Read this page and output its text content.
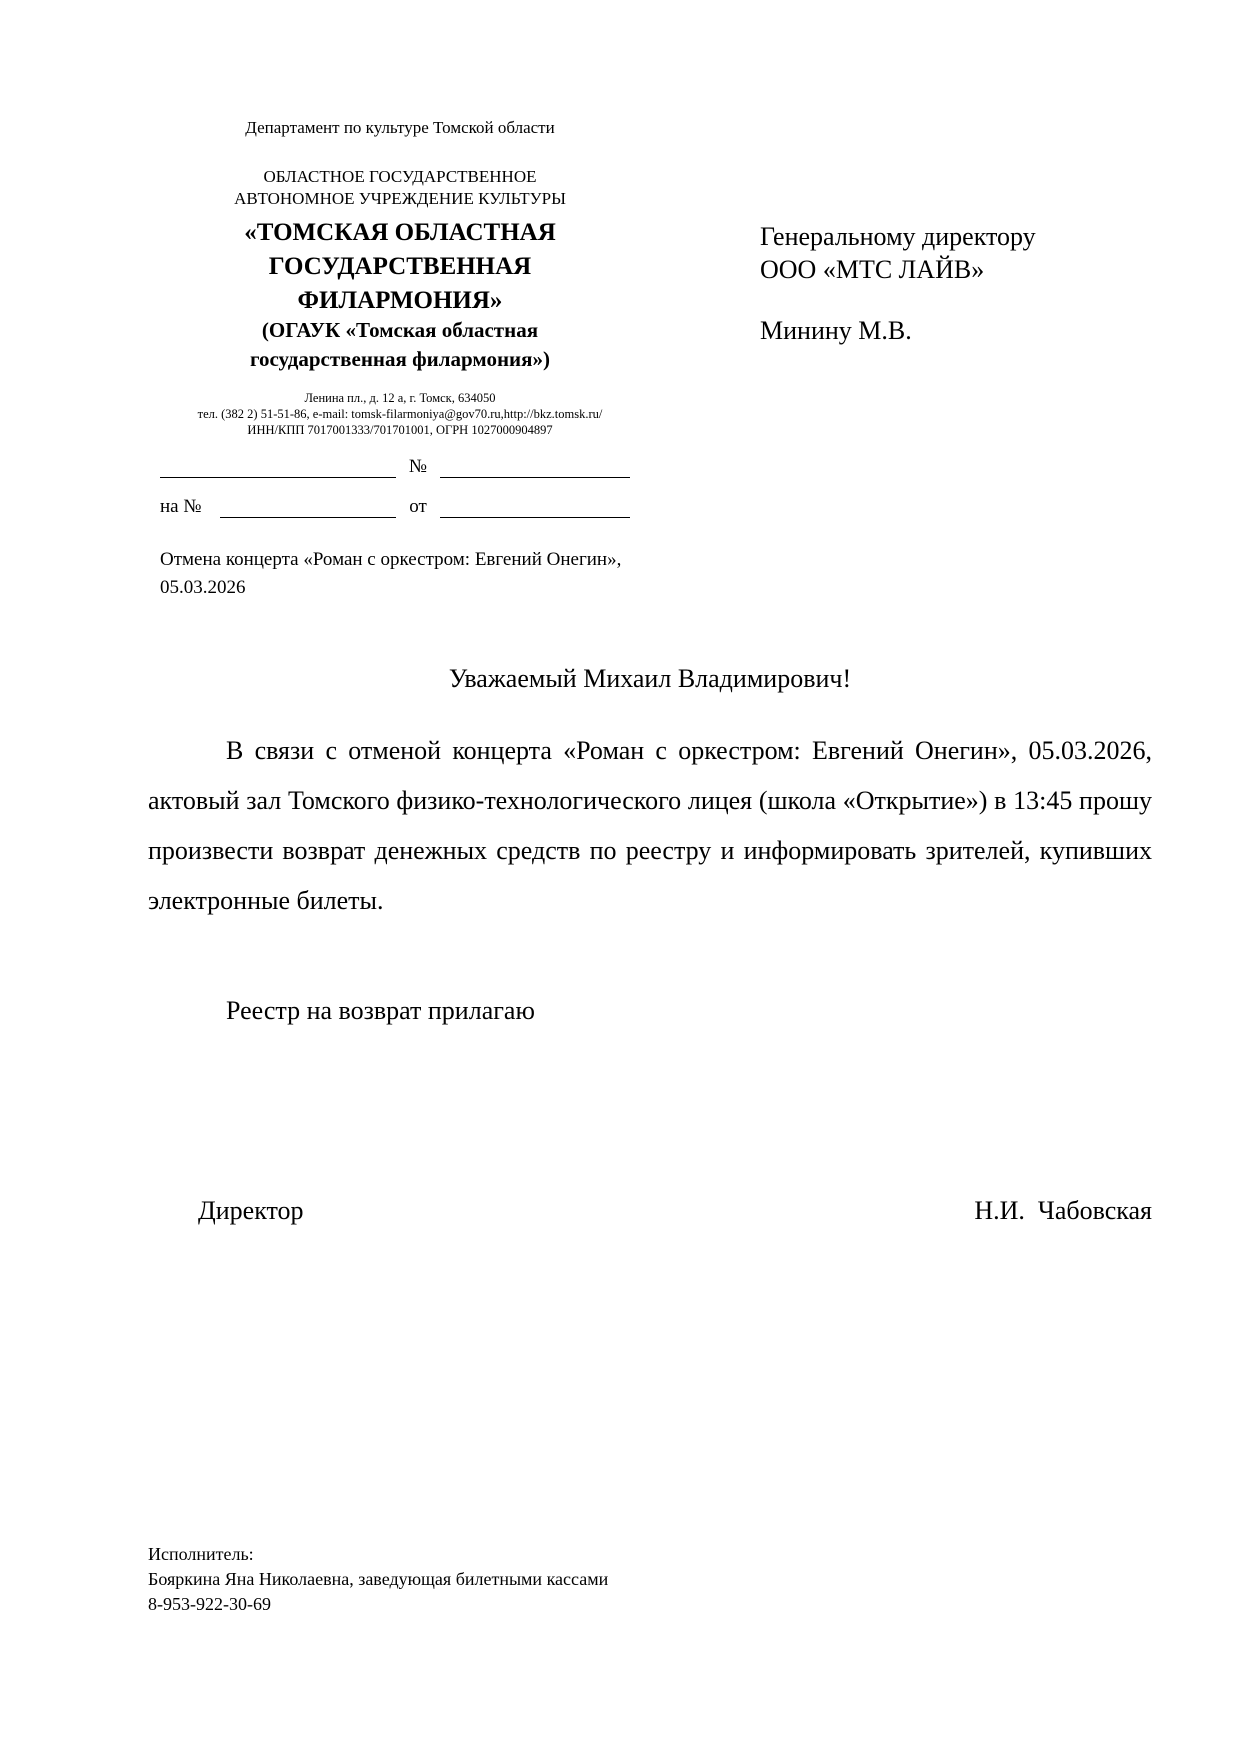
Департамент по культуре Томской области
ОБЛАСТНОЕ ГОСУДАРСТВЕННОЕ
АВТОНОМНОЕ УЧРЕЖДЕНИЕ КУЛЬТУРЫ
«ТОМСКАЯ ОБЛАСТНАЯ
ГОСУДАРСТВЕННАЯ
ФИЛАРМОНИЯ»
(ОГАУК «Томская областная
государственная филармония»)
Ленина пл., д. 12 а, г. Томск, 634050
тел. (382 2) 51-51-86, e-mail: tomsk-filarmoniya@gov70.ru,http://bkz.tomsk.ru/
ИНН/КПП 7017001333/701701001, ОГРН 1027000904897
№
на №	от
Отмена концерта «Роман с оркестром: Евгений Онегин», 05.03.2026
Генеральному директору
ООО «МТС ЛАЙВ»
Минину М.В.
Уважаемый Михаил Владимирович!

В связи с отменой концерта «Роман с оркестром: Евгений Онегин», 05.03.2026, актовый зал Томского физико-технологического лицея (школа «Открытие») в 13:45 прошу произвести возврат денежных средств по реестру и информировать зрителей, купивших электронные билеты.

Реестр на возврат прилагаю
Директор	Н.И.  Чабовская
Исполнитель:
Бояркина Яна Николаевна, заведующая билетными кассами
8-953-922-30-69
